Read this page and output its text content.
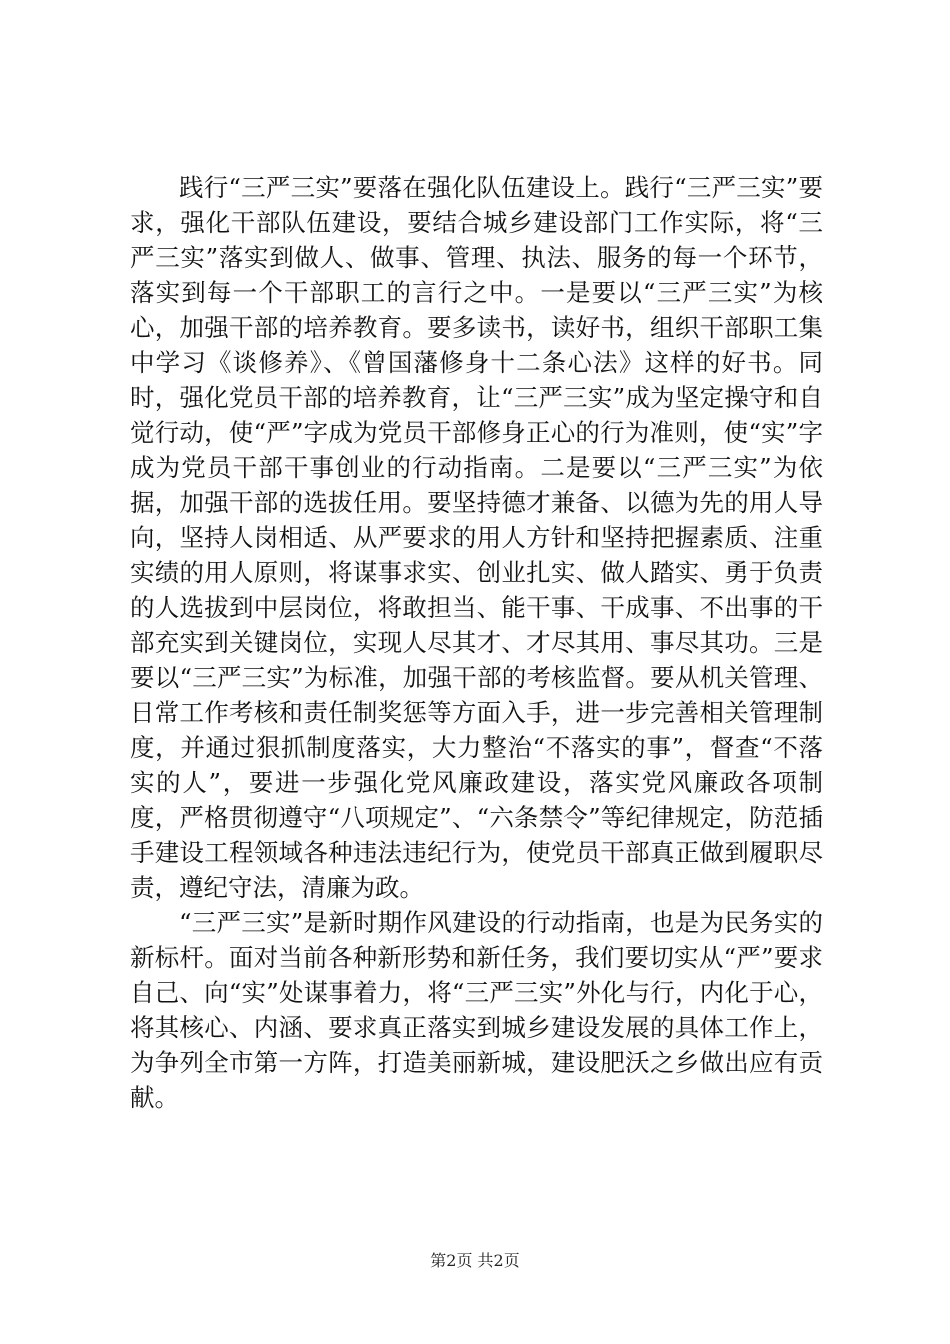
践行“三严三实”要落在强化队伍建设上。践行“三严三实”要求，强化干部队伍建设，要结合城乡建设部门工作实际，将“三严三实”落实到做人、做事、管理、执法、服务的每一个环节，落实到每一个干部职工的言行之中。一是要以“三严三实”为核心，加强干部的培养教育。要多读书，读好书，组织干部职工集中学习《谈修养》、《曾国藩修身十二条心法》这样的好书。同时，强化党员干部的培养教育，让“三严三实”成为坚定操守和自觉行动，使“严”字成为党员干部修身正心的行为准则，使“实”字成为党员干部干事创业的行动指南。二是要以“三严三实”为依据，加强干部的选拔任用。要坚持德才兼备、以德为先的用人导向，坚持人岗相适、从严要求的用人方针和坚持把握素质、注重实绩的用人原则，将谋事求实、创业扎实、做人踏实、勇于负责的人选拔到中层岗位，将敢担当、能干事、干成事、不出事的干部充实到关键岗位，实现人尽其才、才尽其用、事尽其功。三是要以“三严三实”为标准，加强干部的考核监督。要从机关管理、日常工作考核和责任制奖惩等方面入手，进一步完善相关管理制度，并通过狠抓制度落实，大力整治“不落实的事”，督查“不落实的人”，要进一步强化党风廉政建设，落实党风廉政各项制度，严格贯彻遵守“八项规定”、“六条禁令”等纪律规定，防范插手建设工程领域各种违法违纪行为，使党员干部真正做到履职尽责，遵纪守法，清廉为政。

“三严三实”是新时期作风建设的行动指南，也是为民务实的新标杆。面对当前各种新形势和新任务，我们要切实从“严”要求自己、向“实”处谋事着力，将“三严三实”外化与行，内化于心，将其核心、内涵、要求真正落实到城乡建设发展的具体工作上，为争列全市第一方阵，打造美丽新城，建设肥沃之乡做出应有贡献。

第2页 共2页
